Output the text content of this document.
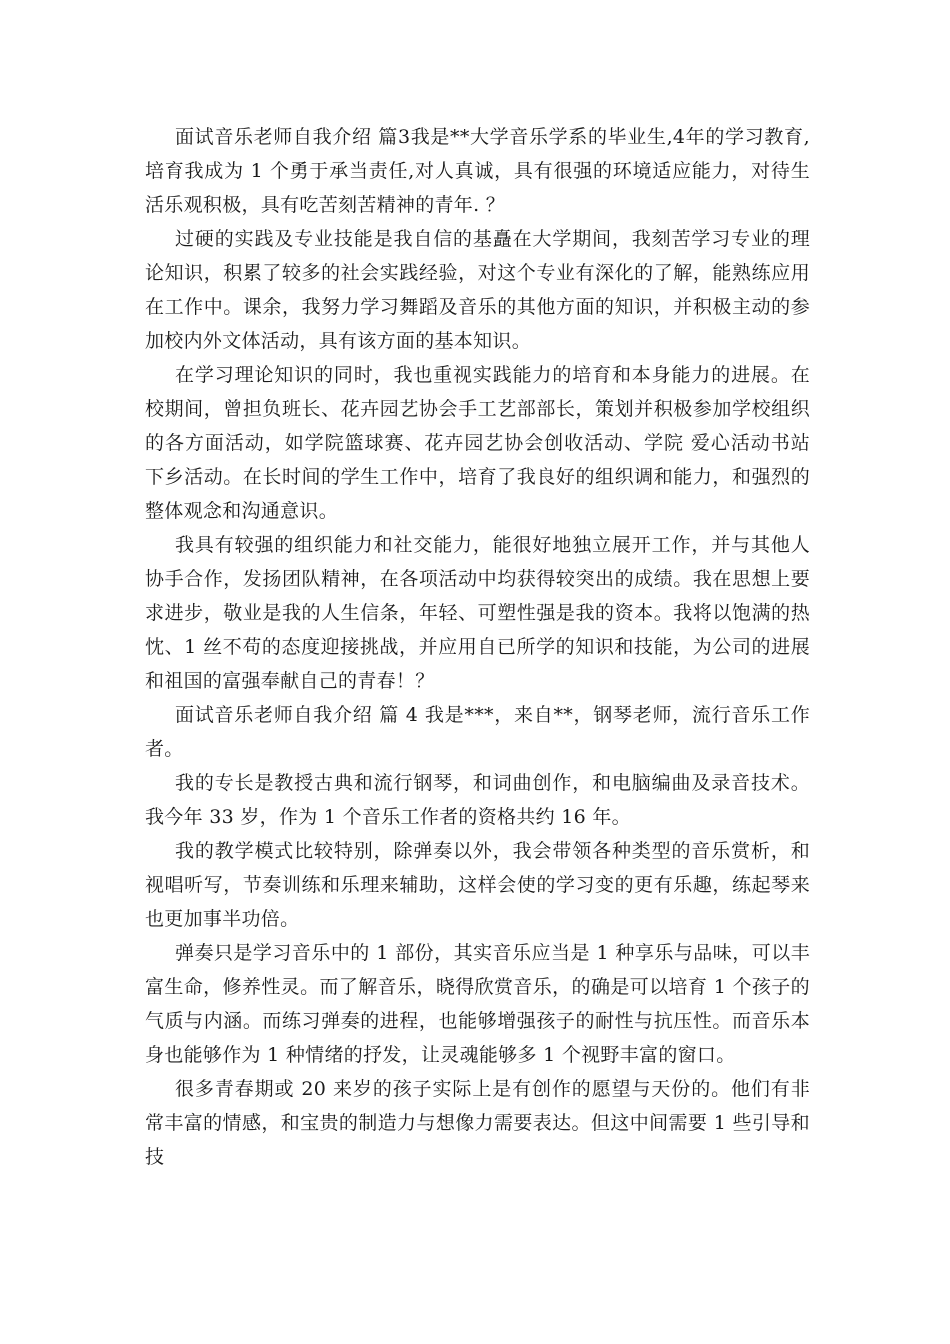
面试音乐老师自我介绍 篇3我是**大学音乐学系的毕业生,4年的学习教育,培育我成为 1 个勇于承当责任,对人真诚，具有很强的环境适应能力，对待生活乐观积极，具有吃苦刻苦精神的青年. ？

过硬的实践及专业技能是我自信的基矗在大学期间，我刻苦学习专业的理论知识，积累了较多的社会实践经验，对这个专业有深化的了解，能熟练应用在工作中。课余，我努力学习舞蹈及音乐的其他方面的知识，并积极主动的参加校内外文体活动，具有该方面的基本知识。

在学习理论知识的同时，我也重视实践能力的培育和本身能力的进展。在校期间，曾担负班长、花卉园艺协会手工艺部部长，策划并积极参加学校组织的各方面活动，如学院篮球赛、花卉园艺协会创收活动、学院 爱心活动书站 下乡活动。在长时间的学生工作中，培育了我良好的组织调和能力，和强烈的整体观念和沟通意识。

我具有较强的组织能力和社交能力，能很好地独立展开工作，并与其他人协手合作，发扬团队精神，在各项活动中均获得较突出的成绩。我在思想上要求进步，敬业是我的人生信条，年轻、可塑性强是我的资本。我将以饱满的热忱、1 丝不苟的态度迎接挑战，并应用自已所学的知识和技能，为公司的进展和祖国的富强奉献自己的青春！？

面试音乐老师自我介绍 篇 4 我是***，来自**，钢琴老师，流行音乐工作者。

我的专长是教授古典和流行钢琴，和词曲创作，和电脑编曲及录音技术。我今年 33 岁，作为 1 个音乐工作者的资格共约 16 年。

我的教学模式比较特别，除弹奏以外，我会带领各种类型的音乐赏析，和视唱听写，节奏训练和乐理来辅助，这样会使的学习变的更有乐趣，练起琴来也更加事半功倍。

弹奏只是学习音乐中的 1 部份，其实音乐应当是 1 种享乐与品味，可以丰富生命，修养性灵。而了解音乐，晓得欣赏音乐，的确是可以培育 1 个孩子的气质与内涵。而练习弹奏的进程，也能够增强孩子的耐性与抗压性。而音乐本身也能够作为 1 种情绪的抒发，让灵魂能够多 1 个视野丰富的窗口。

很多青春期或 20 来岁的孩子实际上是有创作的愿望与天份的。他们有非常丰富的情感，和宝贵的制造力与想像力需要表达。但这中间需要 1 些引导和技
